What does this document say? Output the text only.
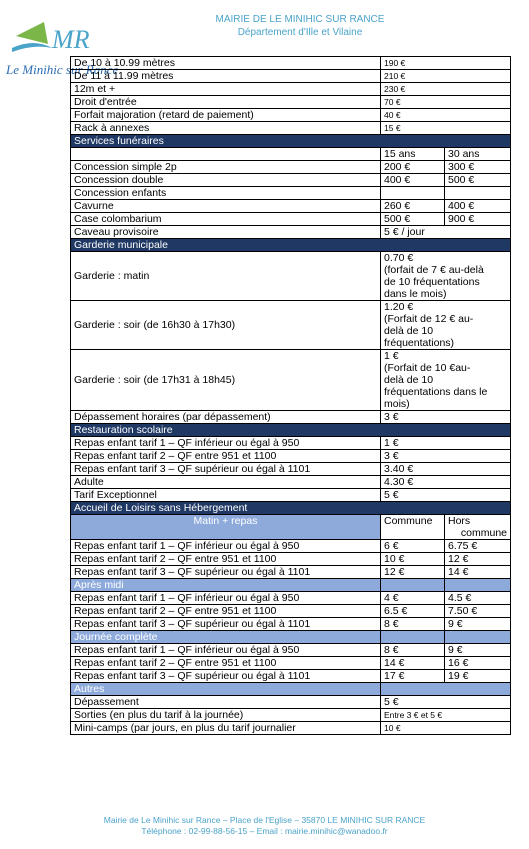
MR
Le Minihic sur Rance
MAIRIE DE LE MINIHIC SUR RANCE
Département d'Ille et Vilaine
De 10 à 10.99 mètres	190 €	
De 11 à 11.99 mètres	210 €	
12m et +	230 €	
Droit d'entrée	70 €	
Forfait majoration (retard de paiement)	40 €	
Rack à annexes	15 €	
Services funéraires		
	15 ans	30 ans
Concession simple 2p	200 €	300 €
Concession double	400 €	500 €
Concession enfants		
Cavurne	260 €	400 €
Case colombarium	500 €	900 €
Caveau provisoire	5 € / jour	
Garderie municipale		
Garderie : matin	0.70 €
(forfait de 7 € au-delà
de 10 fréquentations
dans le mois)	

Garderie : soir (de 16h30 à 17h30)	1.20 €
(Forfait de 12 € au-
delà de 10
fréquentations)	

Garderie : soir (de 17h31 à 18h45)	1 €
(Forfait de 10 €au-
delà de 10
fréquentations dans le
mois)	

Dépassement horaires (par dépassement)	3 €	
Restauration scolaire		
Repas enfant tarif 1 – QF inférieur ou égal à 950	1 €	
Repas enfant tarif 2 – QF entre 951 et 1100	3 €	
Repas enfant tarif 3 – QF supérieur ou égal à 1101	3.40 €	
Adulte	4.30 €	
Tarif Exceptionnel	5 €	
Accueil de Loisirs sans Hébergement		
Matin + repas	Commune	Hors
commune

Repas enfant tarif 1 – QF inférieur ou égal à 950	6 €	6.75 €
Repas enfant tarif 2 – QF entre 951 et 1100	10 €	12 €
Repas enfant tarif 3 – QF supérieur ou égal à 1101	12 €	14 €
Après midi		
Repas enfant tarif 1 – QF inférieur ou égal à 950	4 €	4.5 €
Repas enfant tarif 2 – QF entre 951 et 1100	6.5 €	7.50 €
Repas enfant tarif 3 – QF supérieur ou égal à 1101	8 €	9 €
Journée complète		
Repas enfant tarif 1 – QF inférieur ou égal à 950	8 €	9 €
Repas enfant tarif 2 – QF entre 951 et 1100	14 €	16 €
Repas enfant tarif 3 – QF supérieur ou égal à 1101	17 €	19 €
Autres		
Dépassement	5 €	
Sorties (en plus du tarif à la journée)	Entre 3 € et 5 €	
Mini-camps (par jours, en plus du tarif journalier	10 €	
Mairie de Le Minihic sur Rance – Place de l'Eglise – 35870 LE MINIHIC SUR RANCE
Téléphone : 02-99-88-56-15 – Email : mairie.minihic@wanadoo.fr
